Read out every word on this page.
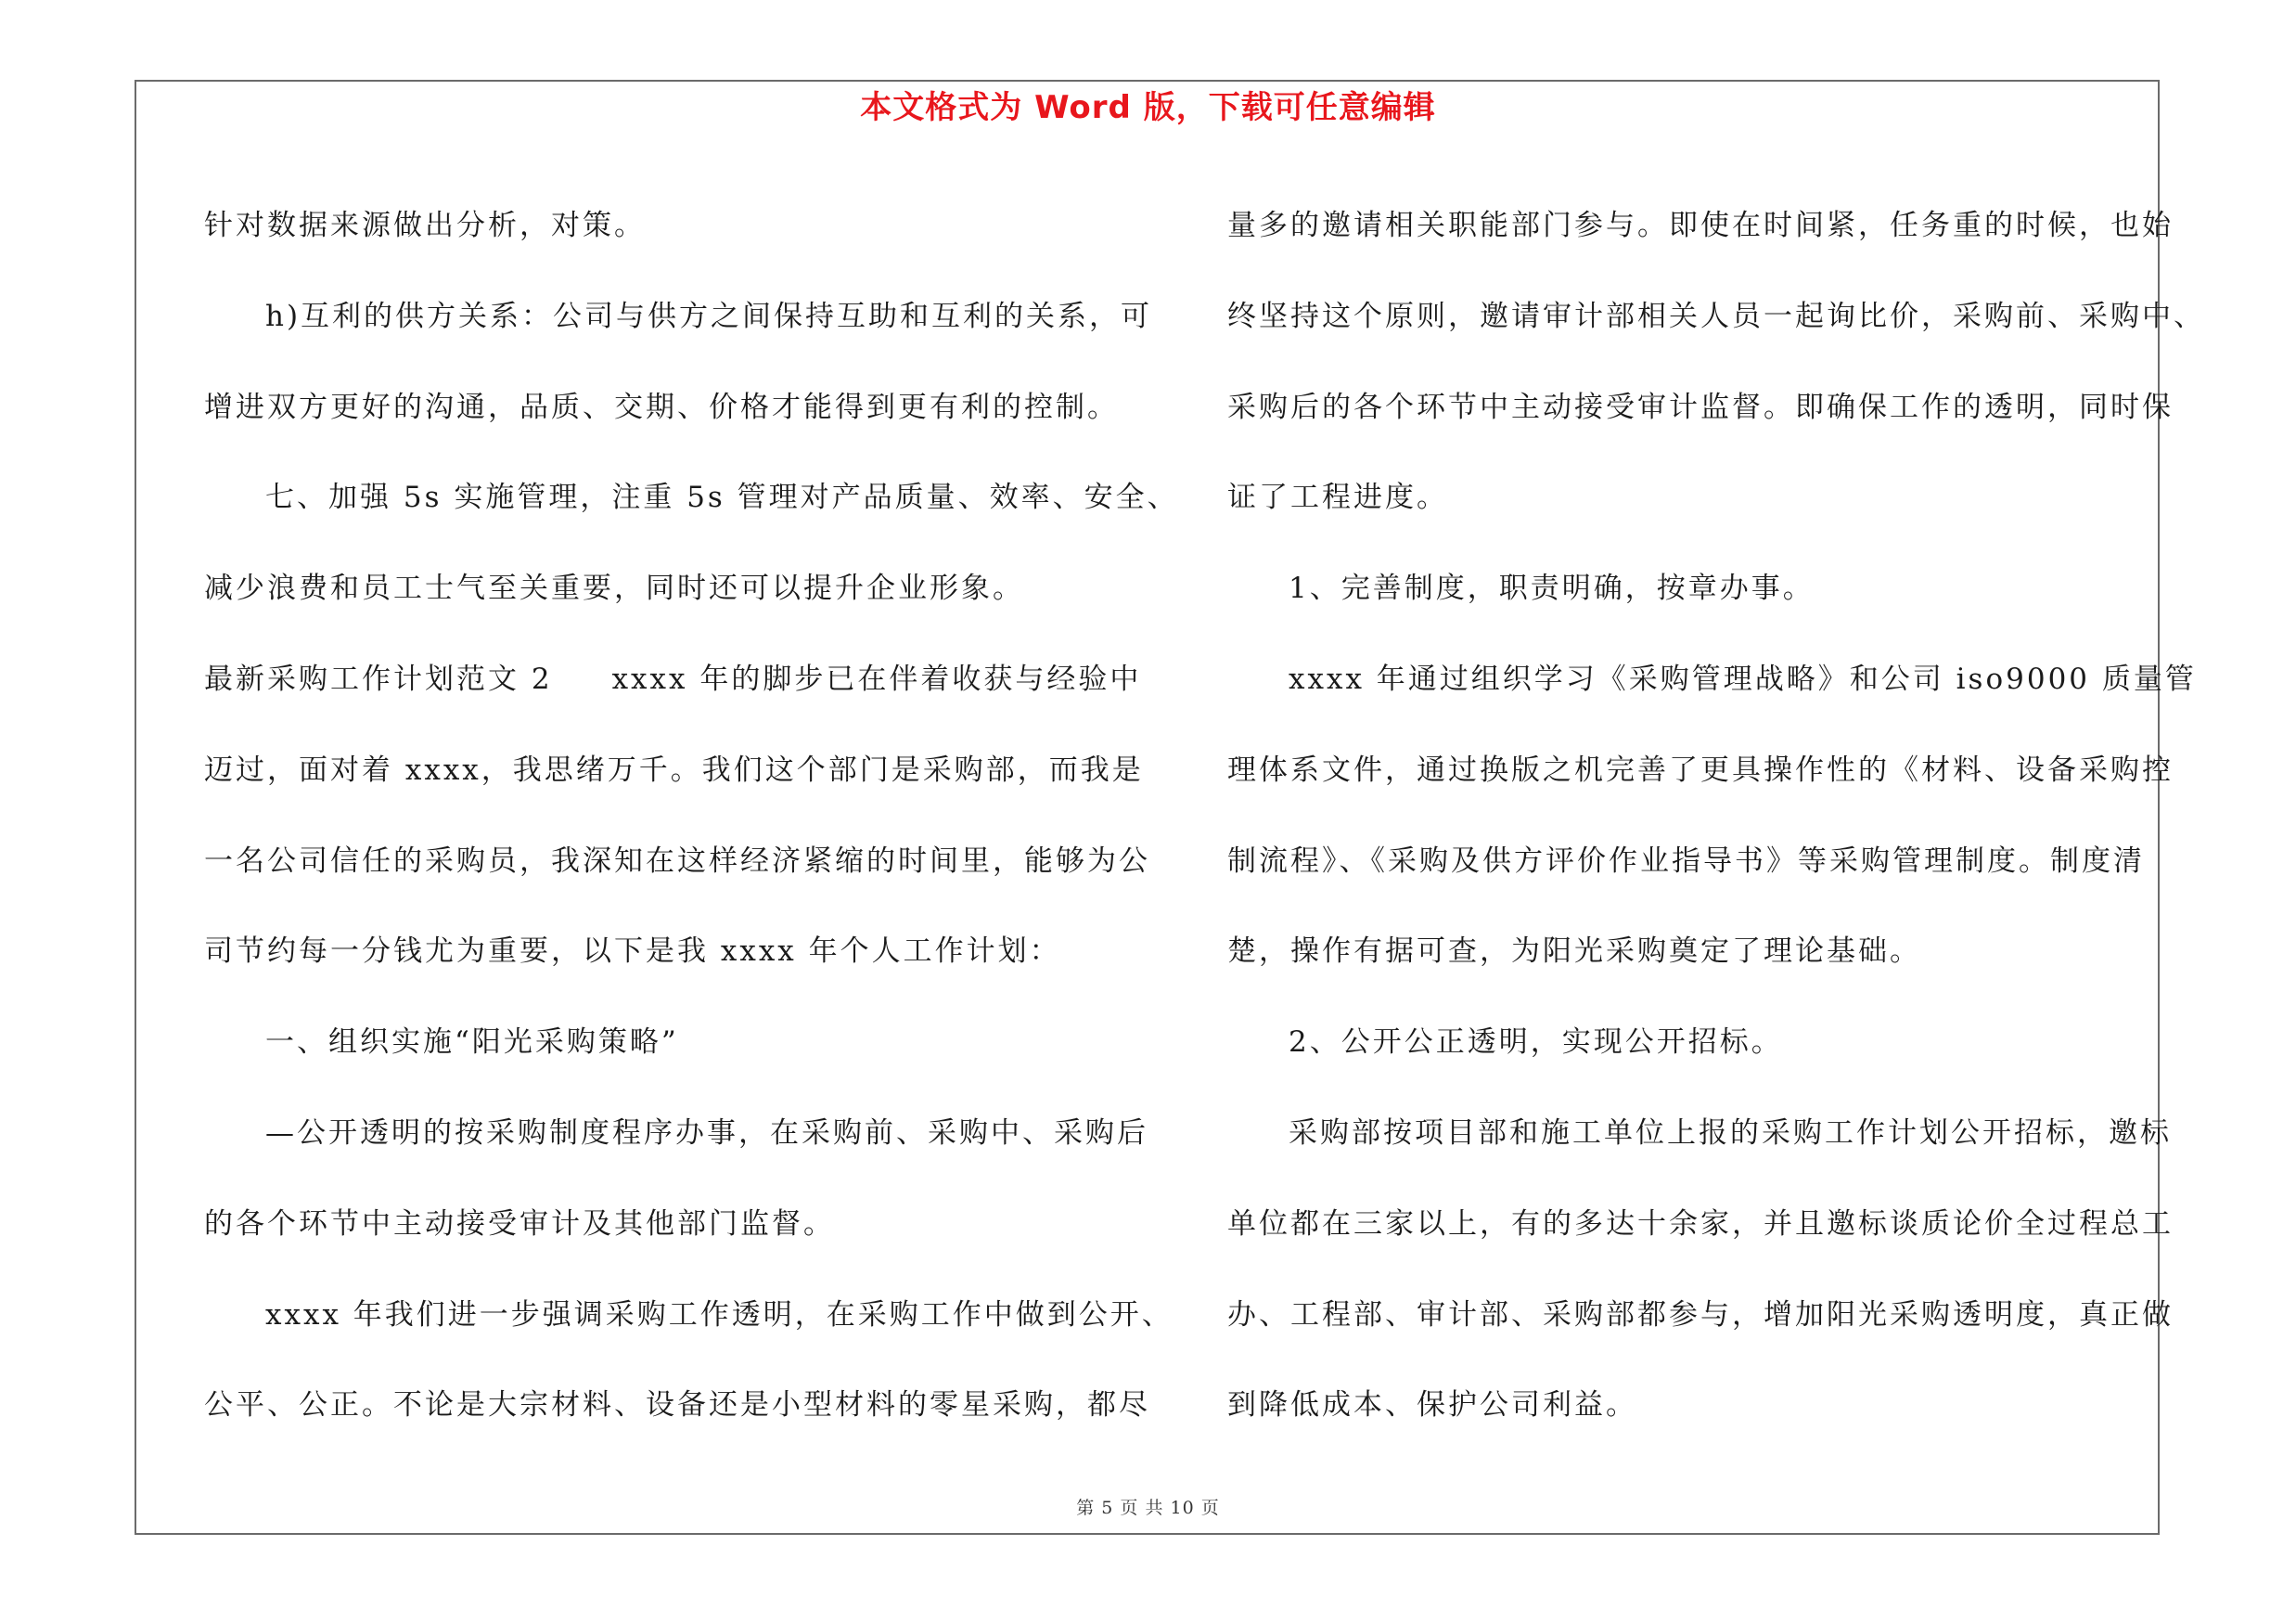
本文格式为 Word 版，下载可任意编辑
针对数据来源做出分析，对策。
h)互利的供方关系：公司与供方之间保持互助和互利的关系，可
增进双方更好的沟通，品质、交期、价格才能得到更有利的控制。
七、加强 5s 实施管理，注重 5s 管理对产品质量、效率、安全、
减少浪费和员工士气至关重要，同时还可以提升企业形象。
最新采购工作计划范文 2 xxxx 年的脚步已在伴着收获与经验中
迈过，面对着 xxxx，我思绪万千。我们这个部门是采购部，而我是
一名公司信任的采购员，我深知在这样经济紧缩的时间里，能够为公
司节约每一分钱尤为重要，以下是我 xxxx 年个人工作计划：
一、组织实施“阳光采购策略”
—公开透明的按采购制度程序办事，在采购前、采购中、采购后
的各个环节中主动接受审计及其他部门监督。
xxxx 年我们进一步强调采购工作透明，在采购工作中做到公开、
公平、公正。不论是大宗材料、设备还是小型材料的零星采购，都尽
量多的邀请相关职能部门参与。即使在时间紧，任务重的时候，也始
终坚持这个原则，邀请审计部相关人员一起询比价，采购前、采购中、
采购后的各个环节中主动接受审计监督。即确保工作的透明，同时保
证了工程进度。
1、完善制度，职责明确，按章办事。
xxxx 年通过组织学习《采购管理战略》和公司 iso9000 质量管
理体系文件，通过换版之机完善了更具操作性的《材料、设备采购控
制流程》、《采购及供方评价作业指导书》等采购管理制度。制度清
楚，操作有据可查，为阳光采购奠定了理论基础。
2、公开公正透明，实现公开招标。
采购部按项目部和施工单位上报的采购工作计划公开招标，邀标
单位都在三家以上，有的多达十余家，并且邀标谈质论价全过程总工
办、工程部、审计部、采购部都参与，增加阳光采购透明度，真正做
到降低成本、保护公司利益。
第 5 页 共 10 页
